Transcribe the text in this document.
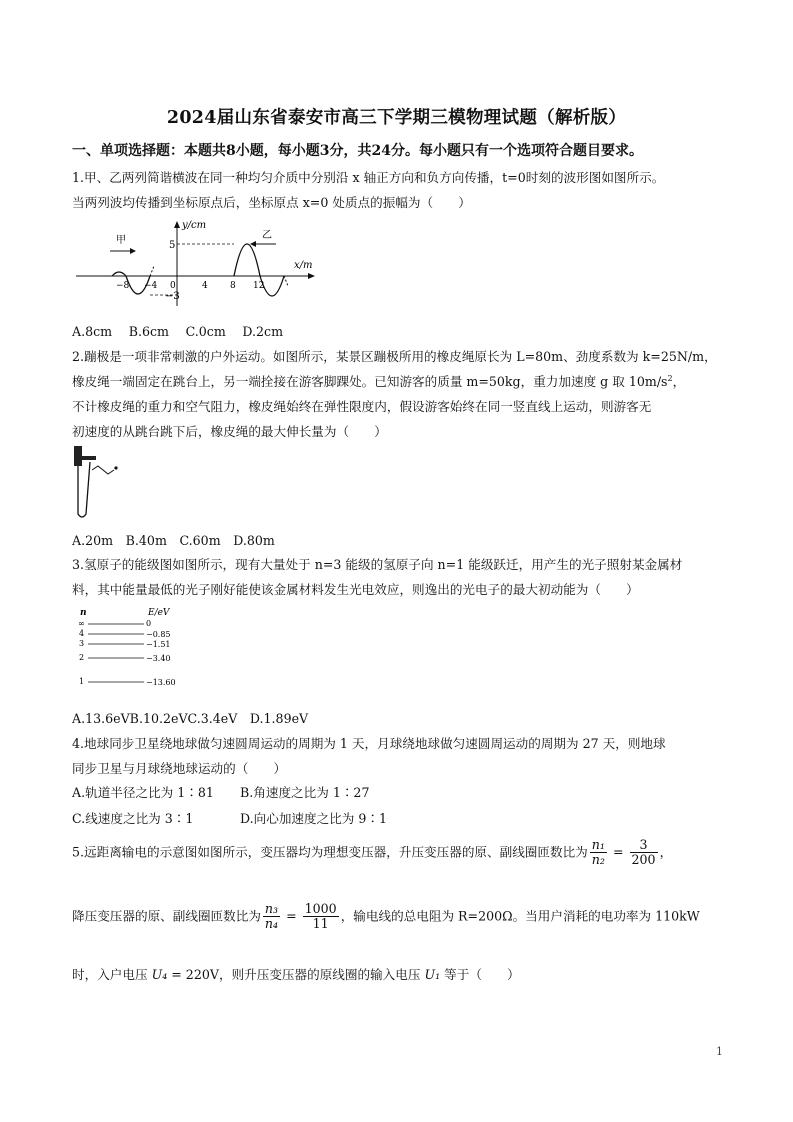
2024届山东省泰安市高三下学期三模物理试题（解析版）
一、单项选择题：本题共8小题，每小题3分，共24分。每小题只有一个选项符合题目要求。
1.甲、乙两列简谐横波在同一种均匀介质中分别沿 x 轴正方向和负方向传播，t=0时刻的波形图如图所示。
当两列波均传播到坐标原点后，坐标原点 x=0 处质点的振幅为（　　）
y/cm
x/m
5
−3
甲	乙
−8 −4 0	4 8 12
A.8cm　 B.6cm　 C.0cm　 D.2cm
2.蹦极是一项非常刺激的户外运动。如图所示，某景区蹦极所用的橡皮绳原长为 L=80m、劲度系数为 k=25N/m，
橡皮绳一端固定在跳台上，另一端拴接在游客脚踝处。已知游客的质量 m=50kg，重力加速度 g 取 $10m/s^2$，
不计橡皮绳的重力和空气阻力，橡皮绳始终在弹性限度内，假设游客始终在同一竖直线上运动，则游客无
初速度的从跳台跳下后，橡皮绳的最大伸长量为（　　）
A.20m　B.40m　C.60m　D.80m
3.氢原子的能级图如图所示，现有大量处于 n=3 能级的氢原子向 n=1 能级跃迁，用产生的光子照射某金属材
料，其中能量最低的光子刚好能使该金属材料发生光电效应，则逸出的光电子的最大初动能为（　　）
n	E/eV
∞	0
4	−0.85
3	−1.51
2	−3.40
1	−13.60
A.13.6eVB.10.2eVC.3.4eV　D.1.89eV
4.地球同步卫星绕地球做匀速圆周运动的周期为 1 天，月球绕地球做匀速圆周运动的周期为 27 天，则地球
同步卫星与月球绕地球运动的（　　）
A.轨道半径之比为 1∶81 B.角速度之比为 1∶27
C.线速度之比为 3∶1	D.向心加速度之比为 9∶1
5.远距离输电的示意图如图所示，变压器均为理想变压器，升压变压器的原、副线圈匝数比为 $\frac{\text{n₁}}{\text{n₂}} = \frac{3}{200}$ ，
降压变压器的原、副线圈匝数比为 $\frac{\text{n₃}}{\text{n₄}} = \frac{1000}{11}$ ，输电线的总电阻为 R=200Ω。当用户消耗的电功率为 110kW
时，入户电压 U₄ = 220V，则升压变压器的原线圈的输入电压 U₁ 等于（　　）
1
